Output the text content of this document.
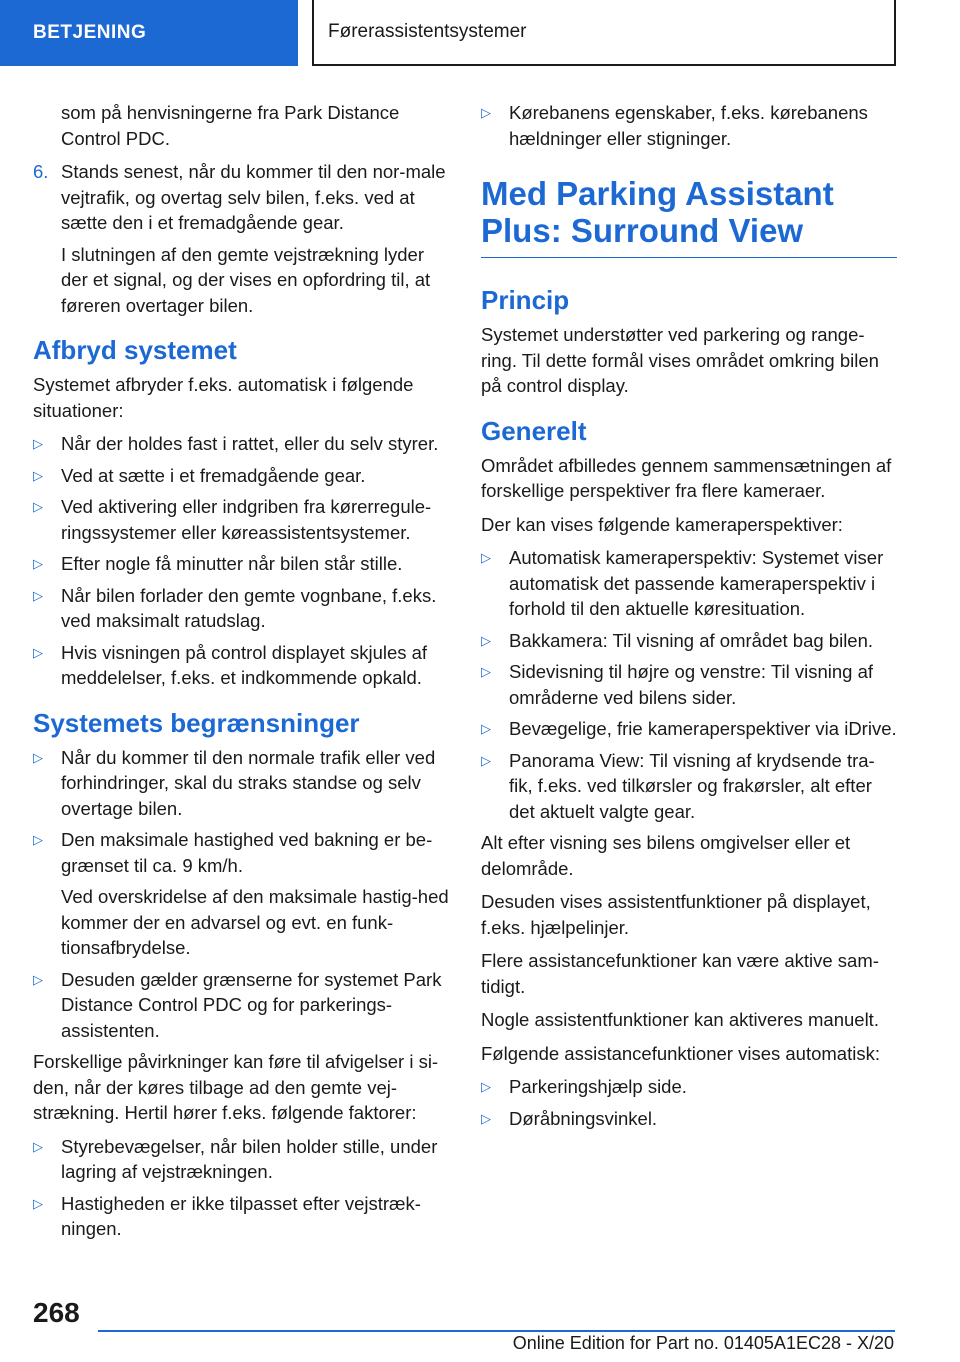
BETJENING	Førerassistentsystemer

som på henvisningerne fra Park Distance Control PDC.

6. Stands senest, når du kommer til den nor-male vejtrafik, og overtag selv bilen, f.eks. ved at sætte den i et fremadgående gear.

I slutningen af den gemte vejstrækning lyder der et signal, og der vises en opfordring til, at føreren overtager bilen.

Afbryd systemet

Systemet afbryder f.eks. automatisk i følgende situationer:

▷ Når der holdes fast i rattet, eller du selv styrer.
▷ Ved at sætte i et fremadgående gear.
▷ Ved aktivering eller indgriben fra kørerregule-ringssystemer eller køreassistentsystemer.
▷ Efter nogle få minutter når bilen står stille.
▷ Når bilen forlader den gemte vognbane, f.eks. ved maksimalt ratudslag.
▷ Hvis visningen på control displayet skjules af meddelelser, f.eks. et indkommende opkald.
Systemets begrænsninger
▷ Når du kommer til den normale trafik eller ved forhindringer, skal du straks standse og selv overtage bilen.
▷ Den maksimale hastighed ved bakning er be-grænset til ca. 9 km/h.

Ved overskridelse af den maksimale hastig-hed kommer der en advarsel og evt. en funk-tionsafbrydelse.

▷ Desuden gælder grænserne for systemet Park Distance Control PDC og for parkerings-assistenten.

Forskellige påvirkninger kan føre til afvigelser i si-den, når der køres tilbage ad den gemte vej-strækning. Hertil hører f.eks. følgende faktorer:

▷ Styrebevægelser, når bilen holder stille, under lagring af vejstrækningen.
▷ Hastigheden er ikke tilpasset efter vejstræk-ningen.
▷ Kørebanens egenskaber, f.eks. kørebanens hældninger eller stigninger.
Med Parking Assistant Plus: Surround View
Princip

Systemet understøtter ved parkering og range-ring. Til dette formål vises området omkring bilen på control display.

Generelt

Området afbilledes gennem sammensætningen af forskellige perspektiver fra flere kameraer.

Der kan vises følgende kameraperspektiver:

▷ Automatisk kameraperspektiv: Systemet viser automatisk det passende kameraperspektiv i forhold til den aktuelle køresituation.
▷ Bakkamera: Til visning af området bag bilen.
▷ Sidevisning til højre og venstre: Til visning af områderne ved bilens sider.
▷ Bevægelige, frie kameraperspektiver via iDrive.
▷ Panorama View: Til visning af krydsende tra-fik, f.eks. ved tilkørsler og frakørsler, alt efter det aktuelt valgte gear.

Alt efter visning ses bilens omgivelser eller et delområde.

Desuden vises assistentfunktioner på displayet, f.eks. hjælpelinjer.

Flere assistancefunktioner kan være aktive sam-tidigt.

Nogle assistentfunktioner kan aktiveres manuelt.

Følgende assistancefunktioner vises automatisk:

▷ Parkeringshjælp side.
▷ Døråbningsvinkel.
268
Online Edition for Part no. 01405A1EC28 - X/20
